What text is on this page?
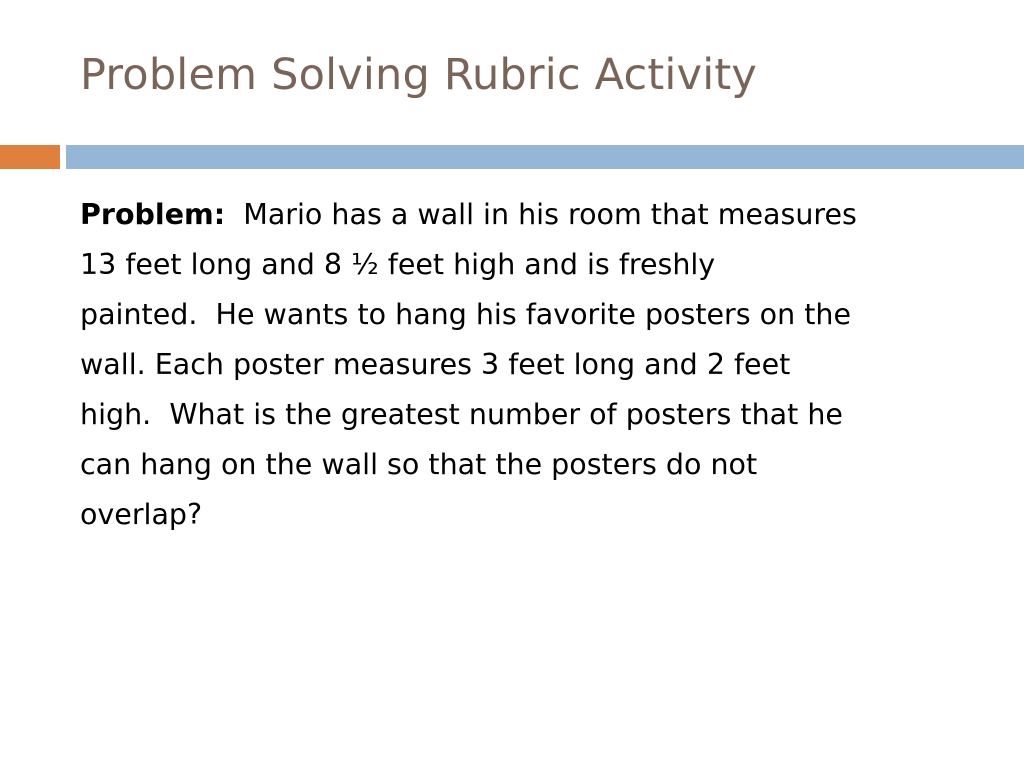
Problem Solving Rubric Activity
Problem:  Mario has a wall in his room that measures
13 feet long and 8 ½ feet high and is freshly
painted.  He wants to hang his favorite posters on the
wall. Each poster measures 3 feet long and 2 feet
high.  What is the greatest number of posters that he
can hang on the wall so that the posters do not
overlap?
